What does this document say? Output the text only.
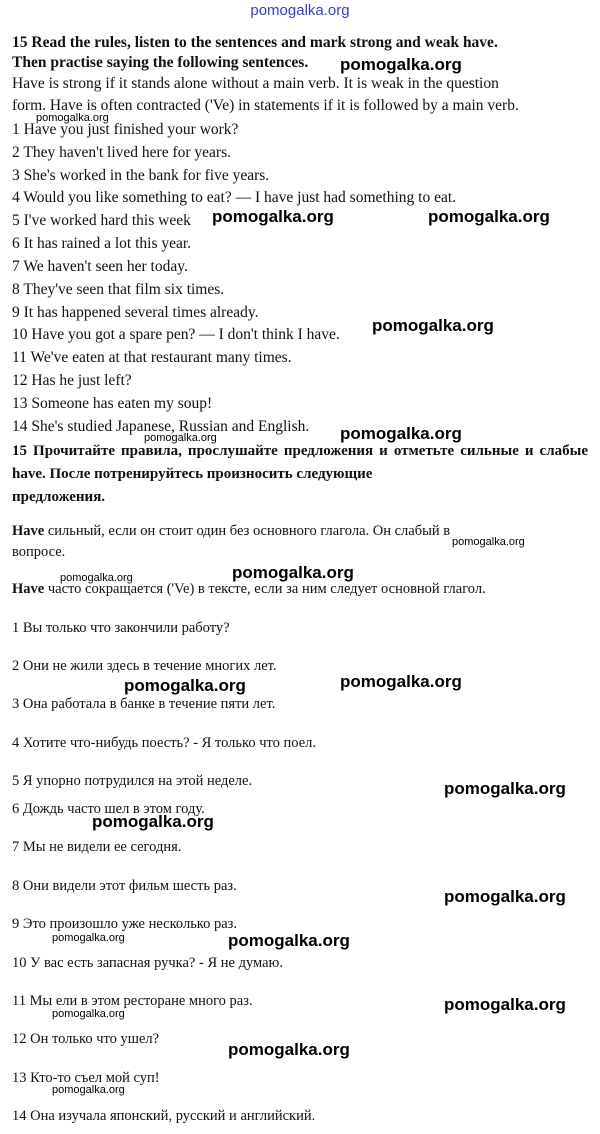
pomogalka.org
15 Read the rules, listen to the sentences and mark strong and weak have.
Then practise saying the following sentences.
Have is strong if it stands alone without a main verb. It is weak in the question
form. Have is often contracted ('Ve) in statements if it is followed by a main verb.
1 Have you just finished your work?
2 They haven't lived here for years.
3 She's worked in the bank for five years.
4 Would you like something to eat? — I have just had something to eat.
5 I've worked hard this week
6 It has rained a lot this year.
7 We haven't seen her today.
8 They've seen that film six times.
9 It has happened several times already.
10 Have you got a spare pen? — I don't think I have.
11 We've eaten at that restaurant many times.
12 Has he just left?
13 Someone has eaten my soup!
14 She's studied Japanese, Russian and English.
15 Прочитайте правила, прослушайте предложения и отметьте сильные и слабые have. После потренируйтесь произносить следующие
предложения.
Have сильный, если он стоит один без основного глагола. Он слабый в
вопросе.
Have часто сокращается ('Ve) в тексте, если за ним следует основной глагол.
1 Вы только что закончили работу?
2 Они не жили здесь в течение многих лет.
3 Она работала в банке в течение пяти лет.
4 Хотите что-нибудь поесть? - Я только что поел.
5 Я упорно потрудился на этой неделе.
6 Дождь часто шел в этом году.
7 Мы не видели ее сегодня.
8 Они видели этот фильм шесть раз.
9 Это произошло уже несколько раз.
10 У вас есть запасная ручка? - Я не думаю.
11 Мы ели в этом ресторане много раз.
12 Он только что ушел?
13 Кто-то съел мой суп!
14 Она изучала японский, русский и английский.
pomogalka.org
pomogalka.org	pomogalka.org
pomogalka.org
pomogalka.org
pomogalka.org
pomogalka.org	pomogalka.org
pomogalka.org
pomogalka.org
pomogalka.org
pomogalka.org
pomogalka.org
pomogalka.org
pomogalka.org
pomogalka.org
pomogalka.org
pomogalka.org
pomogalka.org
pomogalka.org
pomogalka.org
